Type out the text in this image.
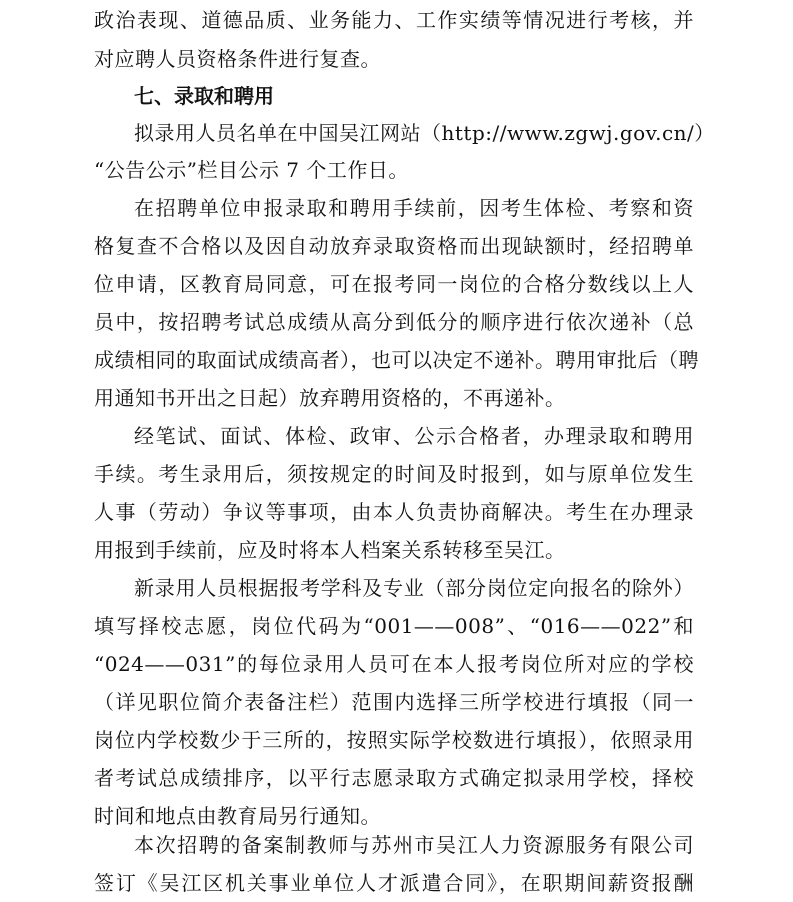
政治表现、道德品质、业务能力、工作实绩等情况进行考核，并
对应聘人员资格条件进行复查。
七、录取和聘用
拟录用人员名单在中国吴江网站（http://www.zgwj.gov.cn/）
“公告公示”栏目公示 7 个工作日。
在招聘单位申报录取和聘用手续前，因考生体检、考察和资
格复查不合格以及因自动放弃录取资格而出现缺额时，经招聘单
位申请，区教育局同意，可在报考同一岗位的合格分数线以上人
员中，按招聘考试总成绩从高分到低分的顺序进行依次递补（总
成绩相同的取面试成绩高者），也可以决定不递补。聘用审批后（聘
用通知书开出之日起）放弃聘用资格的，不再递补。
经笔试、面试、体检、政审、公示合格者，办理录取和聘用
手续。考生录用后，须按规定的时间及时报到，如与原单位发生
人事（劳动）争议等事项，由本人负责协商解决。考生在办理录
用报到手续前，应及时将本人档案关系转移至吴江。
新录用人员根据报考学科及专业（部分岗位定向报名的除外）
填写择校志愿，岗位代码为“001——008”、“016——022”和
“024——031”的每位录用人员可在本人报考岗位所对应的学校
（详见职位简介表备注栏）范围内选择三所学校进行填报（同一
岗位内学校数少于三所的，按照实际学校数进行填报），依照录用
者考试总成绩排序，以平行志愿录取方式确定拟录用学校，择校
时间和地点由教育局另行通知。
本次招聘的备案制教师与苏州市吴江人力资源服务有限公司
签订《吴江区机关事业单位人才派遣合同》，在职期间薪资报酬
